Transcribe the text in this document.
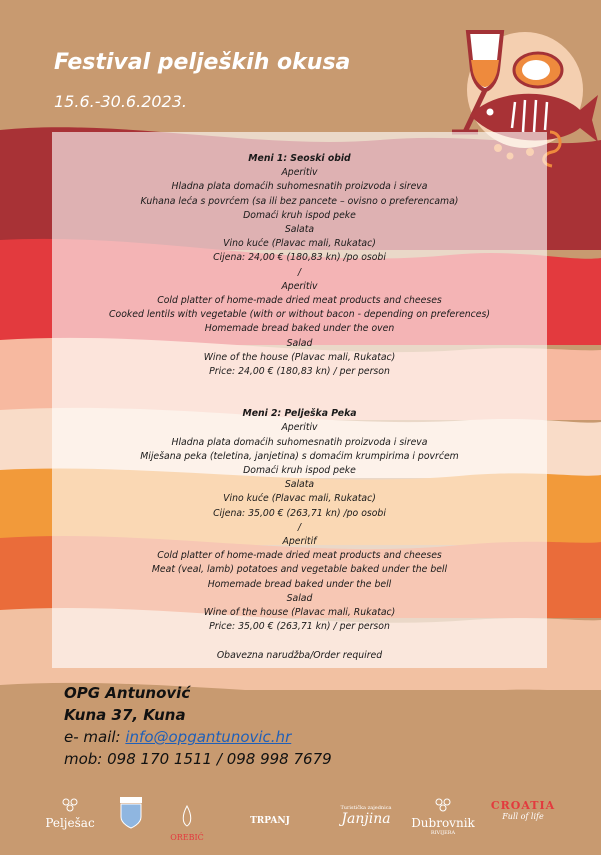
Festival peljeških okusa
15.6.-30.6.2023.
Meni 1: Seoski obid
Aperitiv
Hladna plata domaćih suhomesnatih proizvoda i sireva
Kuhana leća s povrćem (sa ili bez pancete – ovisno o preferencama)
Domaći kruh ispod peke
Salata
Vino kuće (Plavac mali, Rukatac)
Cijena: 24,00 € (180,83 kn) /po osobi
/
Aperitiv
Cold platter of home-made dried meat products and cheeses
Cooked lentils with vegetable (with or without bacon - depending on preferences)
Homemade bread baked under the oven
Salad
Wine of the house (Plavac mali, Rukatac)
Price: 24,00 € (180,83 kn) / per person
Meni 2: Pelješka Peka
Aperitiv
Hladna plata domaćih suhomesnatih proizvoda i sireva
Miješana peka (teletina, janjetina) s domaćim krumpirima i povrćem
Domaći kruh ispod peke
Salata
Vino kuće (Plavac mali, Rukatac)
Cijena: 35,00 € (263,71 kn) /po osobi
/
Aperitif
Cold platter of home-made dried meat products and cheeses
Meat (veal, lamb) potatoes and vegetable baked under the bell
Homemade bread baked under the bell
Salad
Wine of the house (Plavac mali, Rukatac)
Price: 35,00 € (263,71 kn) / per person
Obavezna narudžba/Order required
OPG Antunović
Kuna 37, Kuna
e- mail: info@opgantunovic.hr
mob: 098 170 1511 / 098 998 7679
Pelješac
OREBIĆ
TRPANJ
Turistička zajednica
Janjina	Dubrovnik
RIVIJERA
CROATIA
Full of life
